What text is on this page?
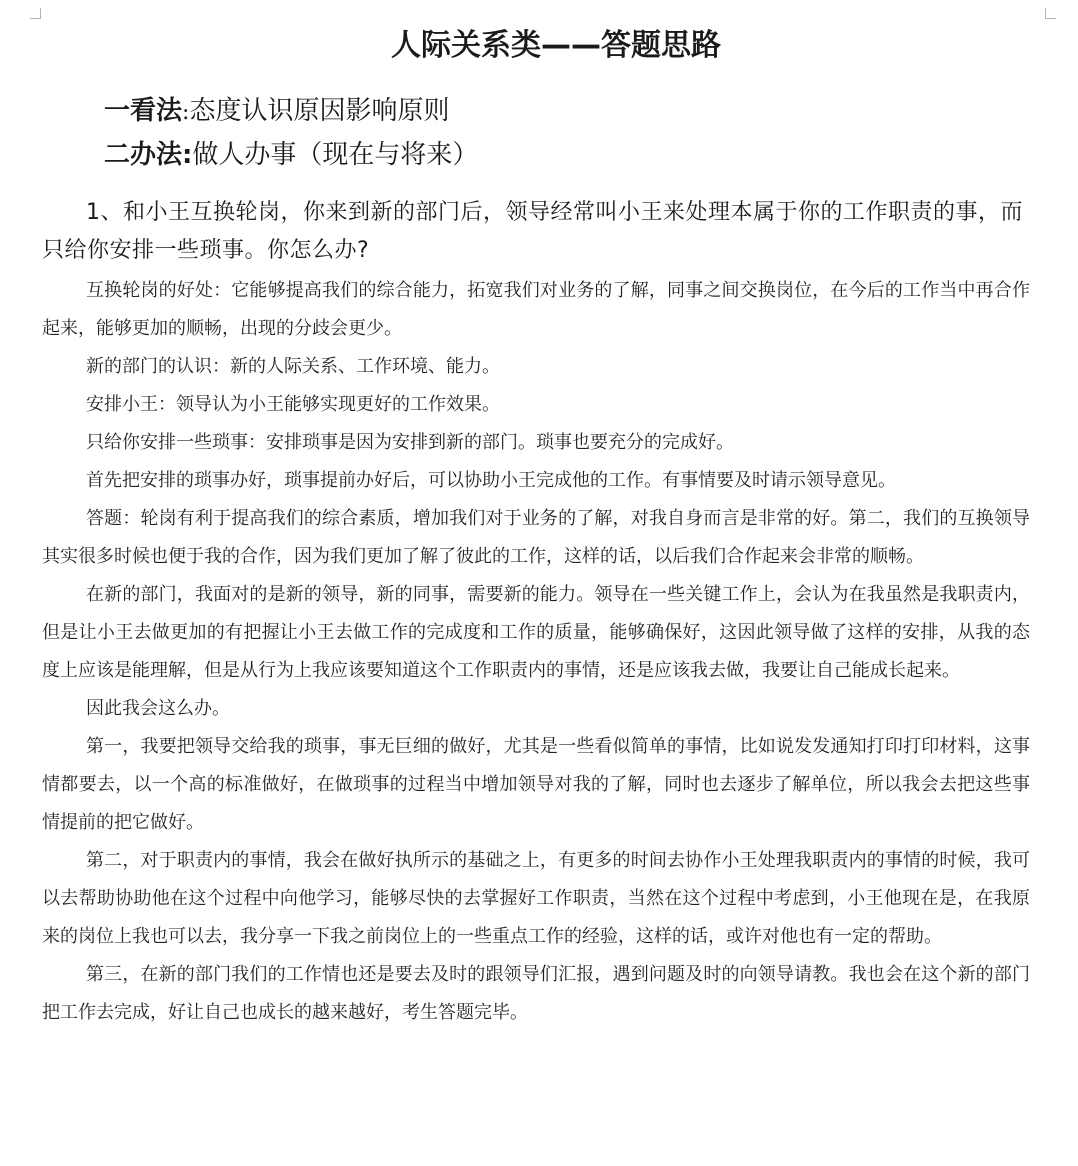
人际关系类——答题思路
一看法:态度认识原因影响原则
二办法:做人办事（现在与将来）
1、和小王互换轮岗，你来到新的部门后，领导经常叫小王来处理本属于你的工作职责的事，而只给你安排一些琐事。你怎么办?

互换轮岗的好处：它能够提高我们的综合能力，拓宽我们对业务的了解，同事之间交换岗位，在今后的工作当中再合作起来，能够更加的顺畅，出现的分歧会更少。

新的部门的认识：新的人际关系、工作环境、能力。

安排小王：领导认为小王能够实现更好的工作效果。

只给你安排一些琐事：安排琐事是因为安排到新的部门。琐事也要充分的完成好。

首先把安排的琐事办好，琐事提前办好后，可以协助小王完成他的工作。有事情要及时请示领导意见。

答题：轮岗有利于提高我们的综合素质，增加我们对于业务的了解，对我自身而言是非常的好。第二，我们的互换领导其实很多时候也便于我的合作，因为我们更加了解了彼此的工作，这样的话，以后我们合作起来会非常的顺畅。

在新的部门，我面对的是新的领导，新的同事，需要新的能力。领导在一些关键工作上，会认为在我虽然是我职责内，但是让小王去做更加的有把握让小王去做工作的完成度和工作的质量，能够确保好，这因此领导做了这样的安排，从我的态度上应该是能理解，但是从行为上我应该要知道这个工作职责内的事情，还是应该我去做，我要让自己能成长起来。

因此我会这么办。

第一，我要把领导交给我的琐事，事无巨细的做好，尤其是一些看似简单的事情，比如说发发通知打印打印材料，这事情都要去，以一个高的标准做好，在做琐事的过程当中增加领导对我的了解，同时也去逐步了解单位，所以我会去把这些事情提前的把它做好。

第二，对于职责内的事情，我会在做好执所示的基础之上，有更多的时间去协作小王处理我职责内的事情的时候，我可以去帮助协助他在这个过程中向他学习，能够尽快的去掌握好工作职责，当然在这个过程中考虑到，小王他现在是，在我原来的岗位上我也可以去，我分享一下我之前岗位上的一些重点工作的经验，这样的话，或许对他也有一定的帮助。

第三，在新的部门我们的工作情也还是要去及时的跟领导们汇报，遇到问题及时的向领导请教。我也会在这个新的部门把工作去完成，好让自己也成长的越来越好，考生答题完毕。
